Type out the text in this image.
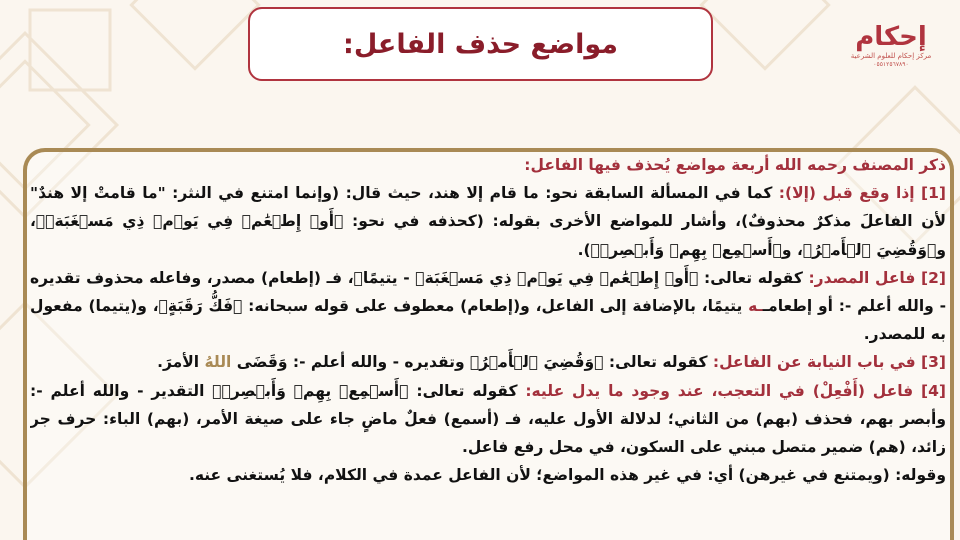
مواضع حذف الفاعل:	إحكام
مركز إحكام للعلوم الشرعية
٠٥٥١٢٥٦٧٨٩٠

ذكر المصنف رحمه الله أربعة مواضع يُحذف فيها الفاعل:

[1] إذا وقع قبل (إلا): كما في المسألة السابقة نحو: ما قام إلا هند، حيث قال: (وإنما امتنع في النثر: "ما قامتْ إلا هندٌ" لأن الفاعلَ مذكرٌ محذوفٌ)، وأشار للمواضع الأخرى بقوله: (كحذفه في نحو: ﴿أَوۡ إِطۡعَٰمٞ فِي يَوۡمٖ ذِي مَسۡغَبَةٖ﴾، و﴿وَقُضِيَ ٱلۡأَمۡرُ﴾، و﴿أَسۡمِعۡ بِهِمۡ وَأَبۡصِرۡ﴾).

[2] فاعل المصدر: كقوله تعالى: ﴿أَوۡ إِطۡعَٰمٞ فِي يَوۡمٖ ذِي مَسۡغَبَةٖ - يتيمًا﴾، فـ (إطعام) مصدر، وفاعله محذوف تقديره - والله أعلم -: أو إطعامــه يتيمًا، بالإضافة إلى الفاعل، و(إطعام) معطوف على قوله سبحانه: ﴿فَكُّ رَقَبَةٍ﴾، و(يتيما) مفعول به للمصدر.

[3] في باب النيابة عن الفاعل: كقوله تعالى: ﴿وَقُضِيَ ٱلۡأَمۡرُ﴾ وتقديره - والله أعلم -: وَقَضَى اللهُ الأمرَ.

[4] فاعل (أَفْعِلْ) في التعجب، عند وجود ما يدل عليه: كقوله تعالى: ﴿أَسۡمِعۡ بِهِمۡ وَأَبۡصِرۡ﴾ التقدير - والله أعلم -: وأبصر بهم، فحذف (بهم) من الثاني؛ لدلالة الأول عليه، فـ (أسمع) فعلٌ ماضٍ جاء على صيغة الأمر، (بهم) الباء: حرف جر زائد، (هم) ضمير متصل مبني على السكون، في محل رفع فاعل.

وقوله: (ويمتنع في غيرهن) أي: في غير هذه المواضع؛ لأن الفاعل عمدة في الكلام، فلا يُستغنى عنه.
